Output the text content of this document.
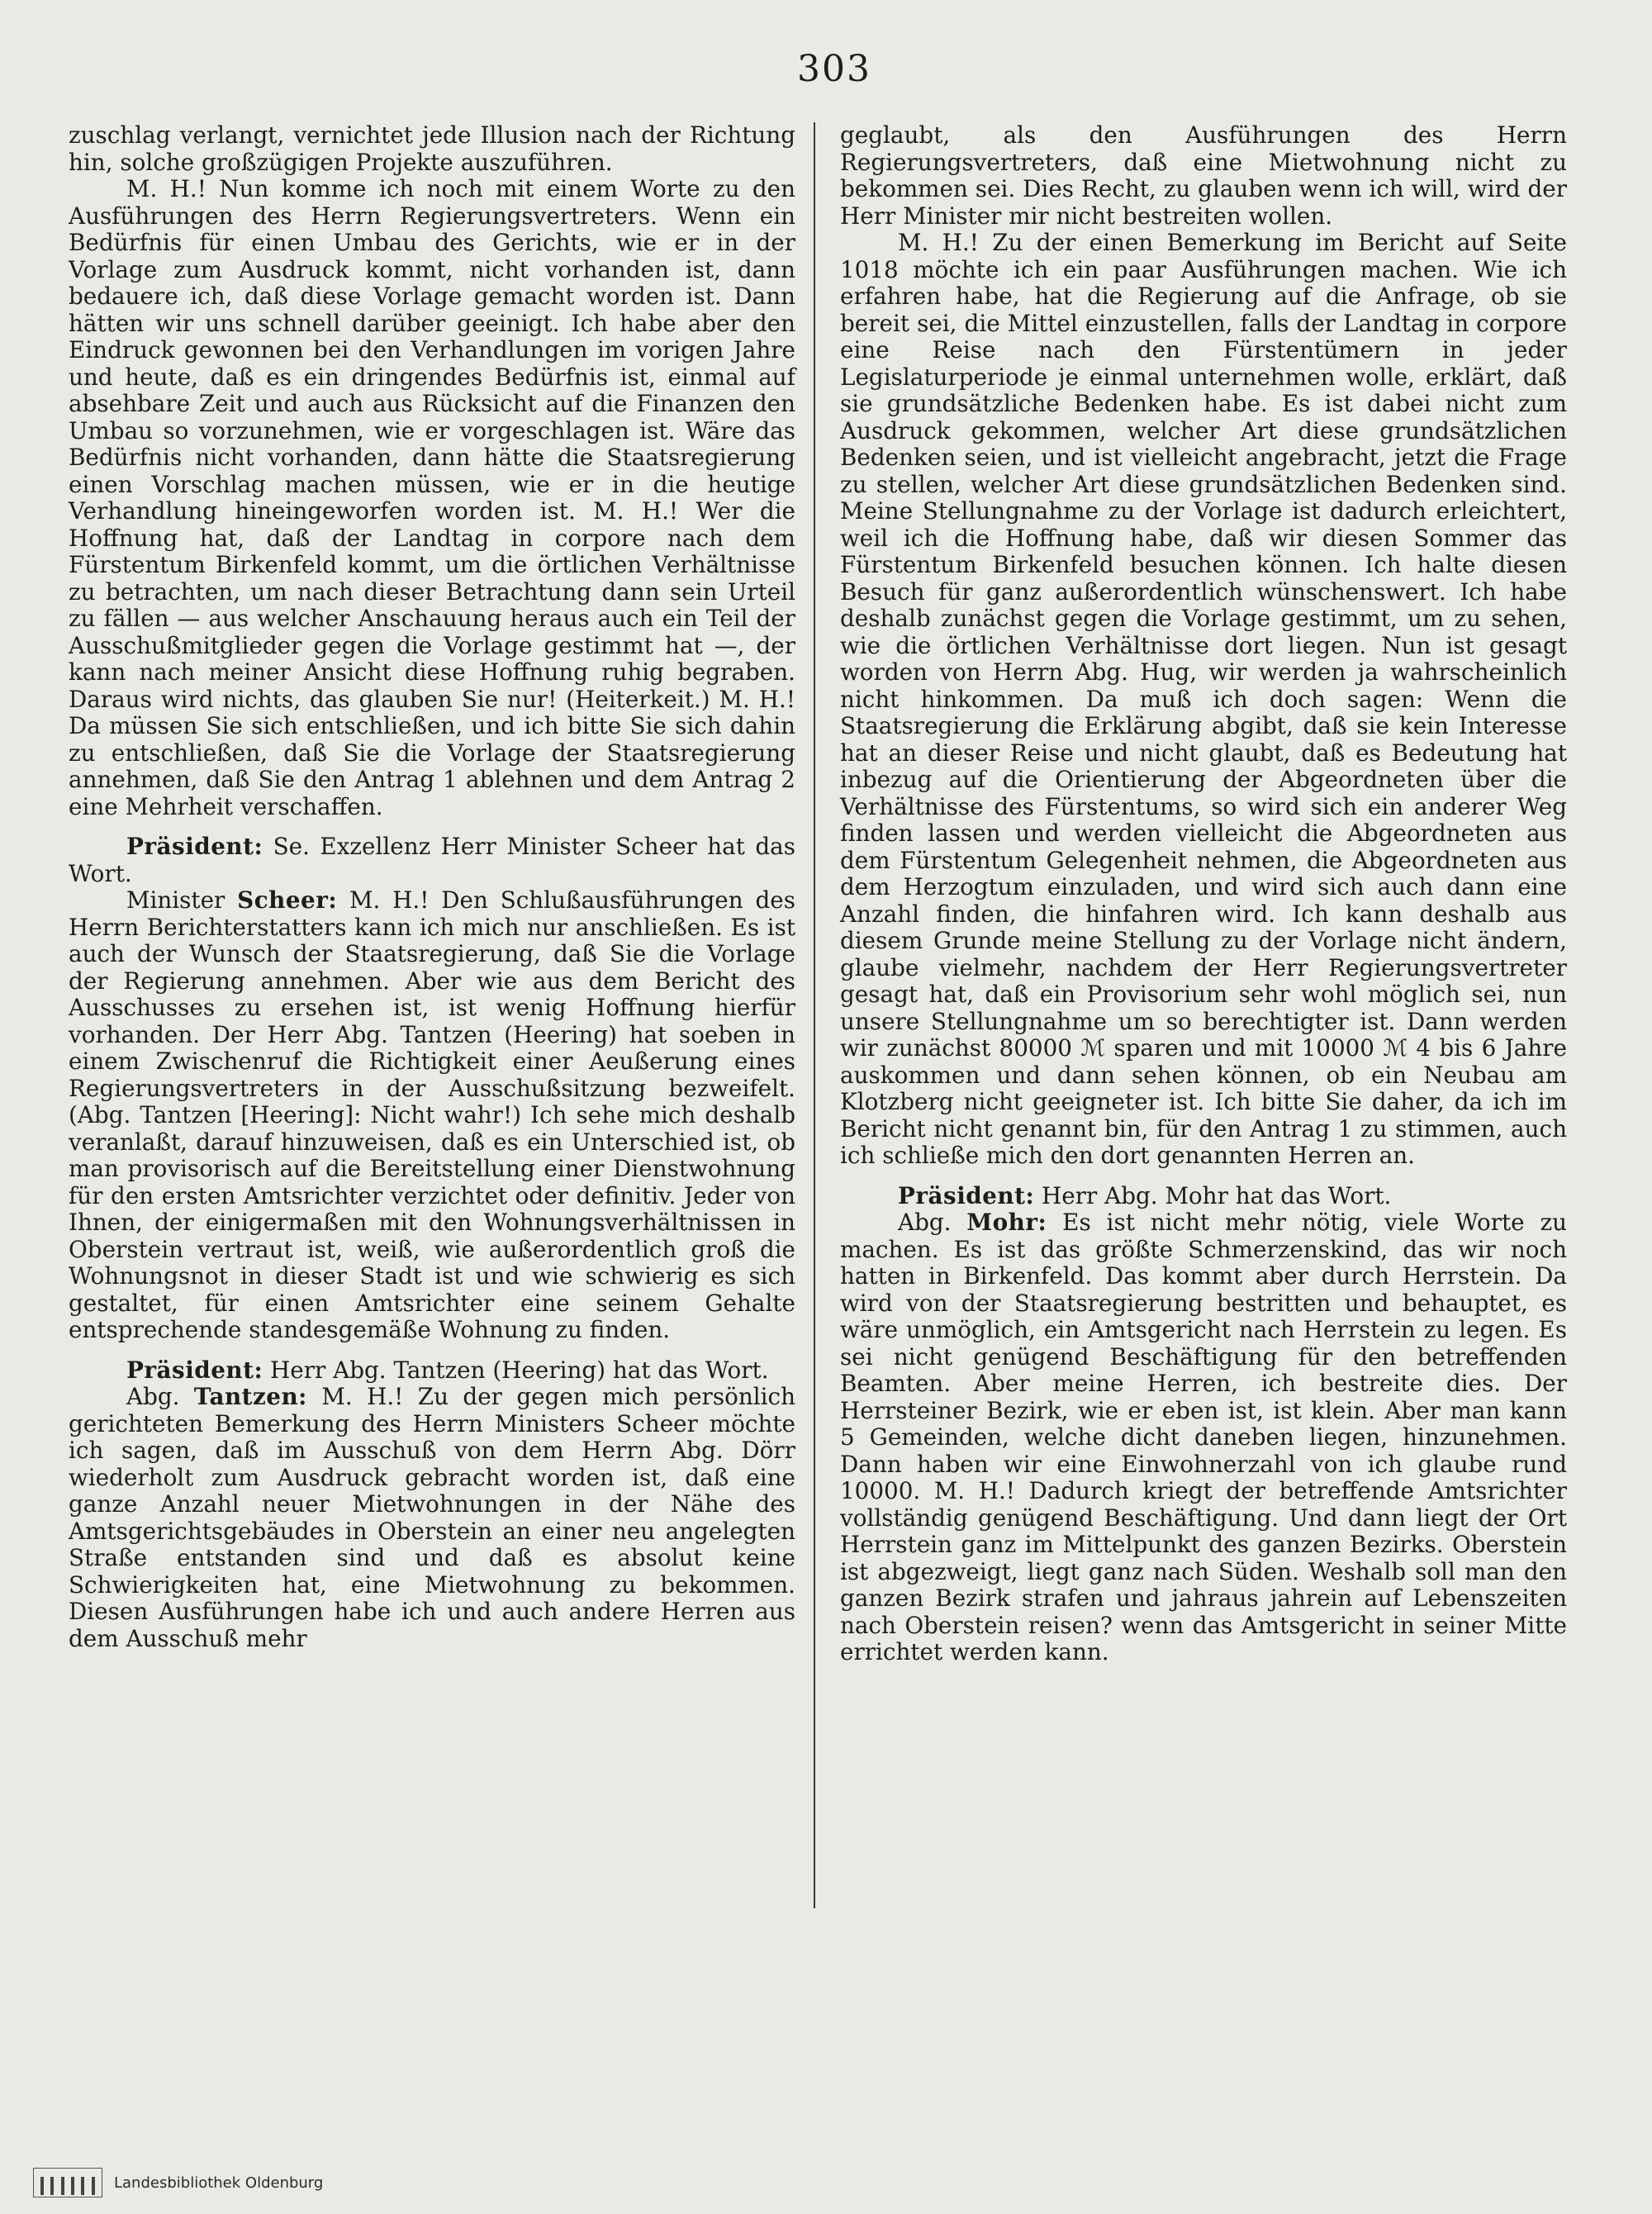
303

zuschlag verlangt, vernichtet jede Illusion nach der Richtung hin, solche großzügigen Projekte auszuführen.

M. H.! Nun komme ich noch mit einem Worte zu den Ausführungen des Herrn Regierungsvertreters. Wenn ein Bedürfnis für einen Umbau des Gerichts, wie er in der Vorlage zum Ausdruck kommt, nicht vorhanden ist, dann bedauere ich, daß diese Vorlage gemacht worden ist. Dann hätten wir uns schnell darüber geeinigt. Ich habe aber den Eindruck gewonnen bei den Verhandlungen im vorigen Jahre und heute, daß es ein dringendes Bedürfnis ist, einmal auf absehbare Zeit und auch aus Rücksicht auf die Finanzen den Umbau so vorzunehmen, wie er vorgeschlagen ist. Wäre das Bedürfnis nicht vorhanden, dann hätte die Staatsregierung einen Vorschlag machen müssen, wie er in die heutige Verhandlung hineingeworfen worden ist. M. H.! Wer die Hoffnung hat, daß der Landtag in corpore nach dem Fürstentum Birkenfeld kommt, um die örtlichen Verhältnisse zu betrachten, um nach dieser Betrachtung dann sein Urteil zu fällen — aus welcher Anschauung heraus auch ein Teil der Ausschußmitglieder gegen die Vorlage gestimmt hat —, der kann nach meiner Ansicht diese Hoffnung ruhig begraben. Daraus wird nichts, das glauben Sie nur! (Heiterkeit.) M. H.! Da müssen Sie sich entschließen, und ich bitte Sie sich dahin zu entschließen, daß Sie die Vorlage der Staatsregierung annehmen, daß Sie den Antrag 1 ablehnen und dem Antrag 2 eine Mehrheit verschaffen.

Präsident: Se. Exzellenz Herr Minister Scheer hat das Wort.

Minister Scheer: M. H.! Den Schlußausführungen des Herrn Berichterstatters kann ich mich nur anschließen. Es ist auch der Wunsch der Staatsregierung, daß Sie die Vorlage der Regierung annehmen. Aber wie aus dem Bericht des Ausschusses zu ersehen ist, ist wenig Hoffnung hierfür vorhanden. Der Herr Abg. Tantzen (Heering) hat soeben in einem Zwischenruf die Richtigkeit einer Aeußerung eines Regierungsvertreters in der Ausschußsitzung bezweifelt. (Abg. Tantzen [Heering]: Nicht wahr!) Ich sehe mich deshalb veranlaßt, darauf hinzuweisen, daß es ein Unterschied ist, ob man provisorisch auf die Bereitstellung einer Dienstwohnung für den ersten Amtsrichter verzichtet oder definitiv. Jeder von Ihnen, der einigermaßen mit den Wohnungsverhältnissen in Oberstein vertraut ist, weiß, wie außerordentlich groß die Wohnungsnot in dieser Stadt ist und wie schwierig es sich gestaltet, für einen Amtsrichter eine seinem Gehalte entsprechende standesgemäße Wohnung zu finden.

Präsident: Herr Abg. Tantzen (Heering) hat das Wort.

Abg. Tantzen: M. H.! Zu der gegen mich persönlich gerichteten Bemerkung des Herrn Ministers Scheer möchte ich sagen, daß im Ausschuß von dem Herrn Abg. Dörr wiederholt zum Ausdruck gebracht worden ist, daß eine ganze Anzahl neuer Mietwohnungen in der Nähe des Amtsgerichtsgebäudes in Oberstein an einer neu angelegten Straße entstanden sind und daß es absolut keine Schwierigkeiten hat, eine Mietwohnung zu bekommen. Diesen Ausführungen habe ich und auch andere Herren aus dem Ausschuß mehr

geglaubt, als den Ausführungen des Herrn Regierungsvertreters, daß eine Mietwohnung nicht zu bekommen sei. Dies Recht, zu glauben wenn ich will, wird der Herr Minister mir nicht bestreiten wollen.

M. H.! Zu der einen Bemerkung im Bericht auf Seite 1018 möchte ich ein paar Ausführungen machen. Wie ich erfahren habe, hat die Regierung auf die Anfrage, ob sie bereit sei, die Mittel einzustellen, falls der Landtag in corpore eine Reise nach den Fürstentümern in jeder Legislaturperiode je einmal unternehmen wolle, erklärt, daß sie grundsätzliche Bedenken habe. Es ist dabei nicht zum Ausdruck gekommen, welcher Art diese grundsätzlichen Bedenken seien, und ist vielleicht angebracht, jetzt die Frage zu stellen, welcher Art diese grundsätzlichen Bedenken sind. Meine Stellungnahme zu der Vorlage ist dadurch erleichtert, weil ich die Hoffnung habe, daß wir diesen Sommer das Fürstentum Birkenfeld besuchen können. Ich halte diesen Besuch für ganz außerordentlich wünschenswert. Ich habe deshalb zunächst gegen die Vorlage gestimmt, um zu sehen, wie die örtlichen Verhältnisse dort liegen. Nun ist gesagt worden von Herrn Abg. Hug, wir werden ja wahrscheinlich nicht hinkommen. Da muß ich doch sagen: Wenn die Staatsregierung die Erklärung abgibt, daß sie kein Interesse hat an dieser Reise und nicht glaubt, daß es Bedeutung hat inbezug auf die Orientierung der Abgeordneten über die Verhältnisse des Fürstentums, so wird sich ein anderer Weg finden lassen und werden vielleicht die Abgeordneten aus dem Fürstentum Gelegenheit nehmen, die Abgeordneten aus dem Herzogtum einzuladen, und wird sich auch dann eine Anzahl finden, die hinfahren wird. Ich kann deshalb aus diesem Grunde meine Stellung zu der Vorlage nicht ändern, glaube vielmehr, nachdem der Herr Regierungsvertreter gesagt hat, daß ein Provisorium sehr wohl möglich sei, nun unsere Stellungnahme um so berechtigter ist. Dann werden wir zunächst 80000 ℳ sparen und mit 10000 ℳ 4 bis 6 Jahre auskommen und dann sehen können, ob ein Neubau am Klotzberg nicht geeigneter ist. Ich bitte Sie daher, da ich im Bericht nicht genannt bin, für den Antrag 1 zu stimmen, auch ich schließe mich den dort genannten Herren an.

Präsident: Herr Abg. Mohr hat das Wort.

Abg. Mohr: Es ist nicht mehr nötig, viele Worte zu machen. Es ist das größte Schmerzenskind, das wir noch hatten in Birkenfeld. Das kommt aber durch Herrstein. Da wird von der Staatsregierung bestritten und behauptet, es wäre unmöglich, ein Amtsgericht nach Herrstein zu legen. Es sei nicht genügend Beschäftigung für den betreffenden Beamten. Aber meine Herren, ich bestreite dies. Der Herrsteiner Bezirk, wie er eben ist, ist klein. Aber man kann 5 Gemeinden, welche dicht daneben liegen, hinzunehmen. Dann haben wir eine Einwohnerzahl von ich glaube rund 10000. M. H.! Dadurch kriegt der betreffende Amtsrichter vollständig genügend Beschäftigung. Und dann liegt der Ort Herrstein ganz im Mittelpunkt des ganzen Bezirks. Oberstein ist abgezweigt, liegt ganz nach Süden. Weshalb soll man den ganzen Bezirk strafen und jahraus jahrein auf Lebenszeiten nach Oberstein reisen? wenn das Amtsgericht in seiner Mitte errichtet werden kann.

Landesbibliothek Oldenburg
